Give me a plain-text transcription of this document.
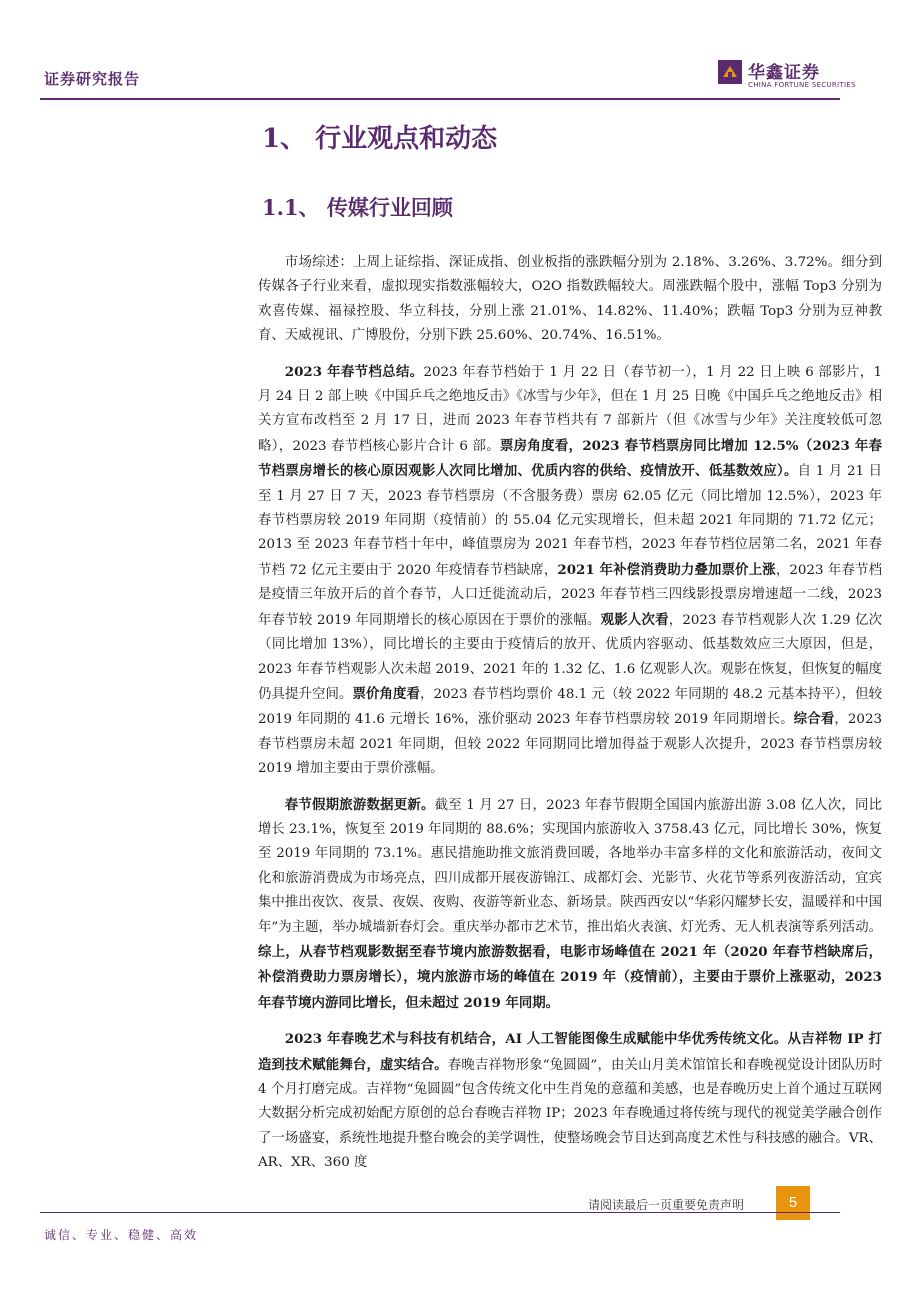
证券研究报告	华鑫证券
CHINA FORTUNE SECURITIES
1、 行业观点和动态
1.1、 传媒行业回顾

市场综述：上周上证综指、深证成指、创业板指的涨跌幅分别为 2.18%、3.26%、3.72%。细分到传媒各子行业来看，虚拟现实指数涨幅较大，O2O 指数跌幅较大。周涨跌幅个股中，涨幅 Top3 分别为欢喜传媒、福禄控股、华立科技，分别上涨 21.01%、14.82%、11.40%；跌幅 Top3 分别为豆神教育、天威视讯、广博股份，分别下跌 25.60%、20.74%、16.51%。

2023 年春节档总结。2023 年春节档始于 1 月 22 日（春节初一），1 月 22 日上映 6 部影片，1 月 24 日 2 部上映《中国乒乓之绝地反击》《冰雪与少年》，但在 1 月 25 日晚《中国乒乓之绝地反击》相关方宣布改档至 2 月 17 日，进而 2023 年春节档共有 7 部新片（但《冰雪与少年》关注度较低可忽略），2023 春节档核心影片合计 6 部。票房角度看，2023 春节档票房同比增加 12.5%（2023 年春节档票房增长的核心原因观影人次同比增加、优质内容的供给、疫情放开、低基数效应）。自 1 月 21 日至 1 月 27 日 7 天，2023 春节档票房（不含服务费）票房 62.05 亿元（同比增加 12.5%），2023 年春节档票房较 2019 年同期（疫情前）的 55.04 亿元实现增长，但未超 2021 年同期的 71.72 亿元；2013 至 2023 年春节档十年中，峰值票房为 2021 年春节档，2023 年春节档位居第二名，2021 年春节档 72 亿元主要由于 2020 年疫情春节档缺席，2021 年补偿消费助力叠加票价上涨，2023 年春节档是疫情三年放开后的首个春节，人口迁徙流动后，2023 年春节档三四线影投票房增速超一二线，2023 年春节较 2019 年同期增长的核心原因在于票价的涨幅。观影人次看，2023 春节档观影人次 1.29 亿次（同比增加 13%），同比增长的主要由于疫情后的放开、优质内容驱动、低基数效应三大原因，但是，2023 年春节档观影人次未超 2019、2021 年的 1.32 亿、1.6 亿观影人次。观影在恢复，但恢复的幅度仍具提升空间。票价角度看，2023 春节档均票价 48.1 元（较 2022 年同期的 48.2 元基本持平），但较 2019 年同期的 41.6 元增长 16%，涨价驱动 2023 年春节档票房较 2019 年同期增长。综合看，2023 春节档票房未超 2021 年同期，但较 2022 年同期同比增加得益于观影人次提升，2023 春节档票房较 2019 增加主要由于票价涨幅。

春节假期旅游数据更新。截至 1 月 27 日，2023 年春节假期全国国内旅游出游 3.08 亿人次，同比增长 23.1%，恢复至 2019 年同期的 88.6%；实现国内旅游收入 3758.43 亿元，同比增长 30%，恢复至 2019 年同期的 73.1%。惠民措施助推文旅消费回暖，各地举办丰富多样的文化和旅游活动，夜间文化和旅游消费成为市场亮点，四川成都开展夜游锦江、成都灯会、光影节、火花节等系列夜游活动，宜宾集中推出夜饮、夜景、夜娱、夜购、夜游等新业态、新场景。陕西西安以“华彩闪耀梦长安，温暖祥和中国年”为主题，举办城墙新春灯会。重庆举办都市艺术节，推出焰火表演、灯光秀、无人机表演等系列活动。综上，从春节档观影数据至春节境内旅游数据看，电影市场峰值在 2021 年（2020 年春节档缺席后，补偿消费助力票房增长），境内旅游市场的峰值在 2019 年（疫情前），主要由于票价上涨驱动，2023 年春节境内游同比增长，但未超过 2019 年同期。

2023 年春晚艺术与科技有机结合，AI 人工智能图像生成赋能中华优秀传统文化。从吉祥物 IP 打造到技术赋能舞台，虚实结合。春晚吉祥物形象“兔圆圆”，由关山月美术馆馆长和春晚视觉设计团队历时 4 个月打磨完成。吉祥物“兔圆圆”包含传统文化中生肖兔的意蕴和美感，也是春晚历史上首个通过互联网大数据分析完成初始配方原创的总台春晚吉祥物 IP；2023 年春晚通过将传统与现代的视觉美学融合创作了一场盛宴，系统性地提升整台晚会的美学调性，使整场晚会节目达到高度艺术性与科技感的融合。VR、AR、XR、360 度

请阅读最后一页重要免责声明	5
诚信、专业、稳健、高效
